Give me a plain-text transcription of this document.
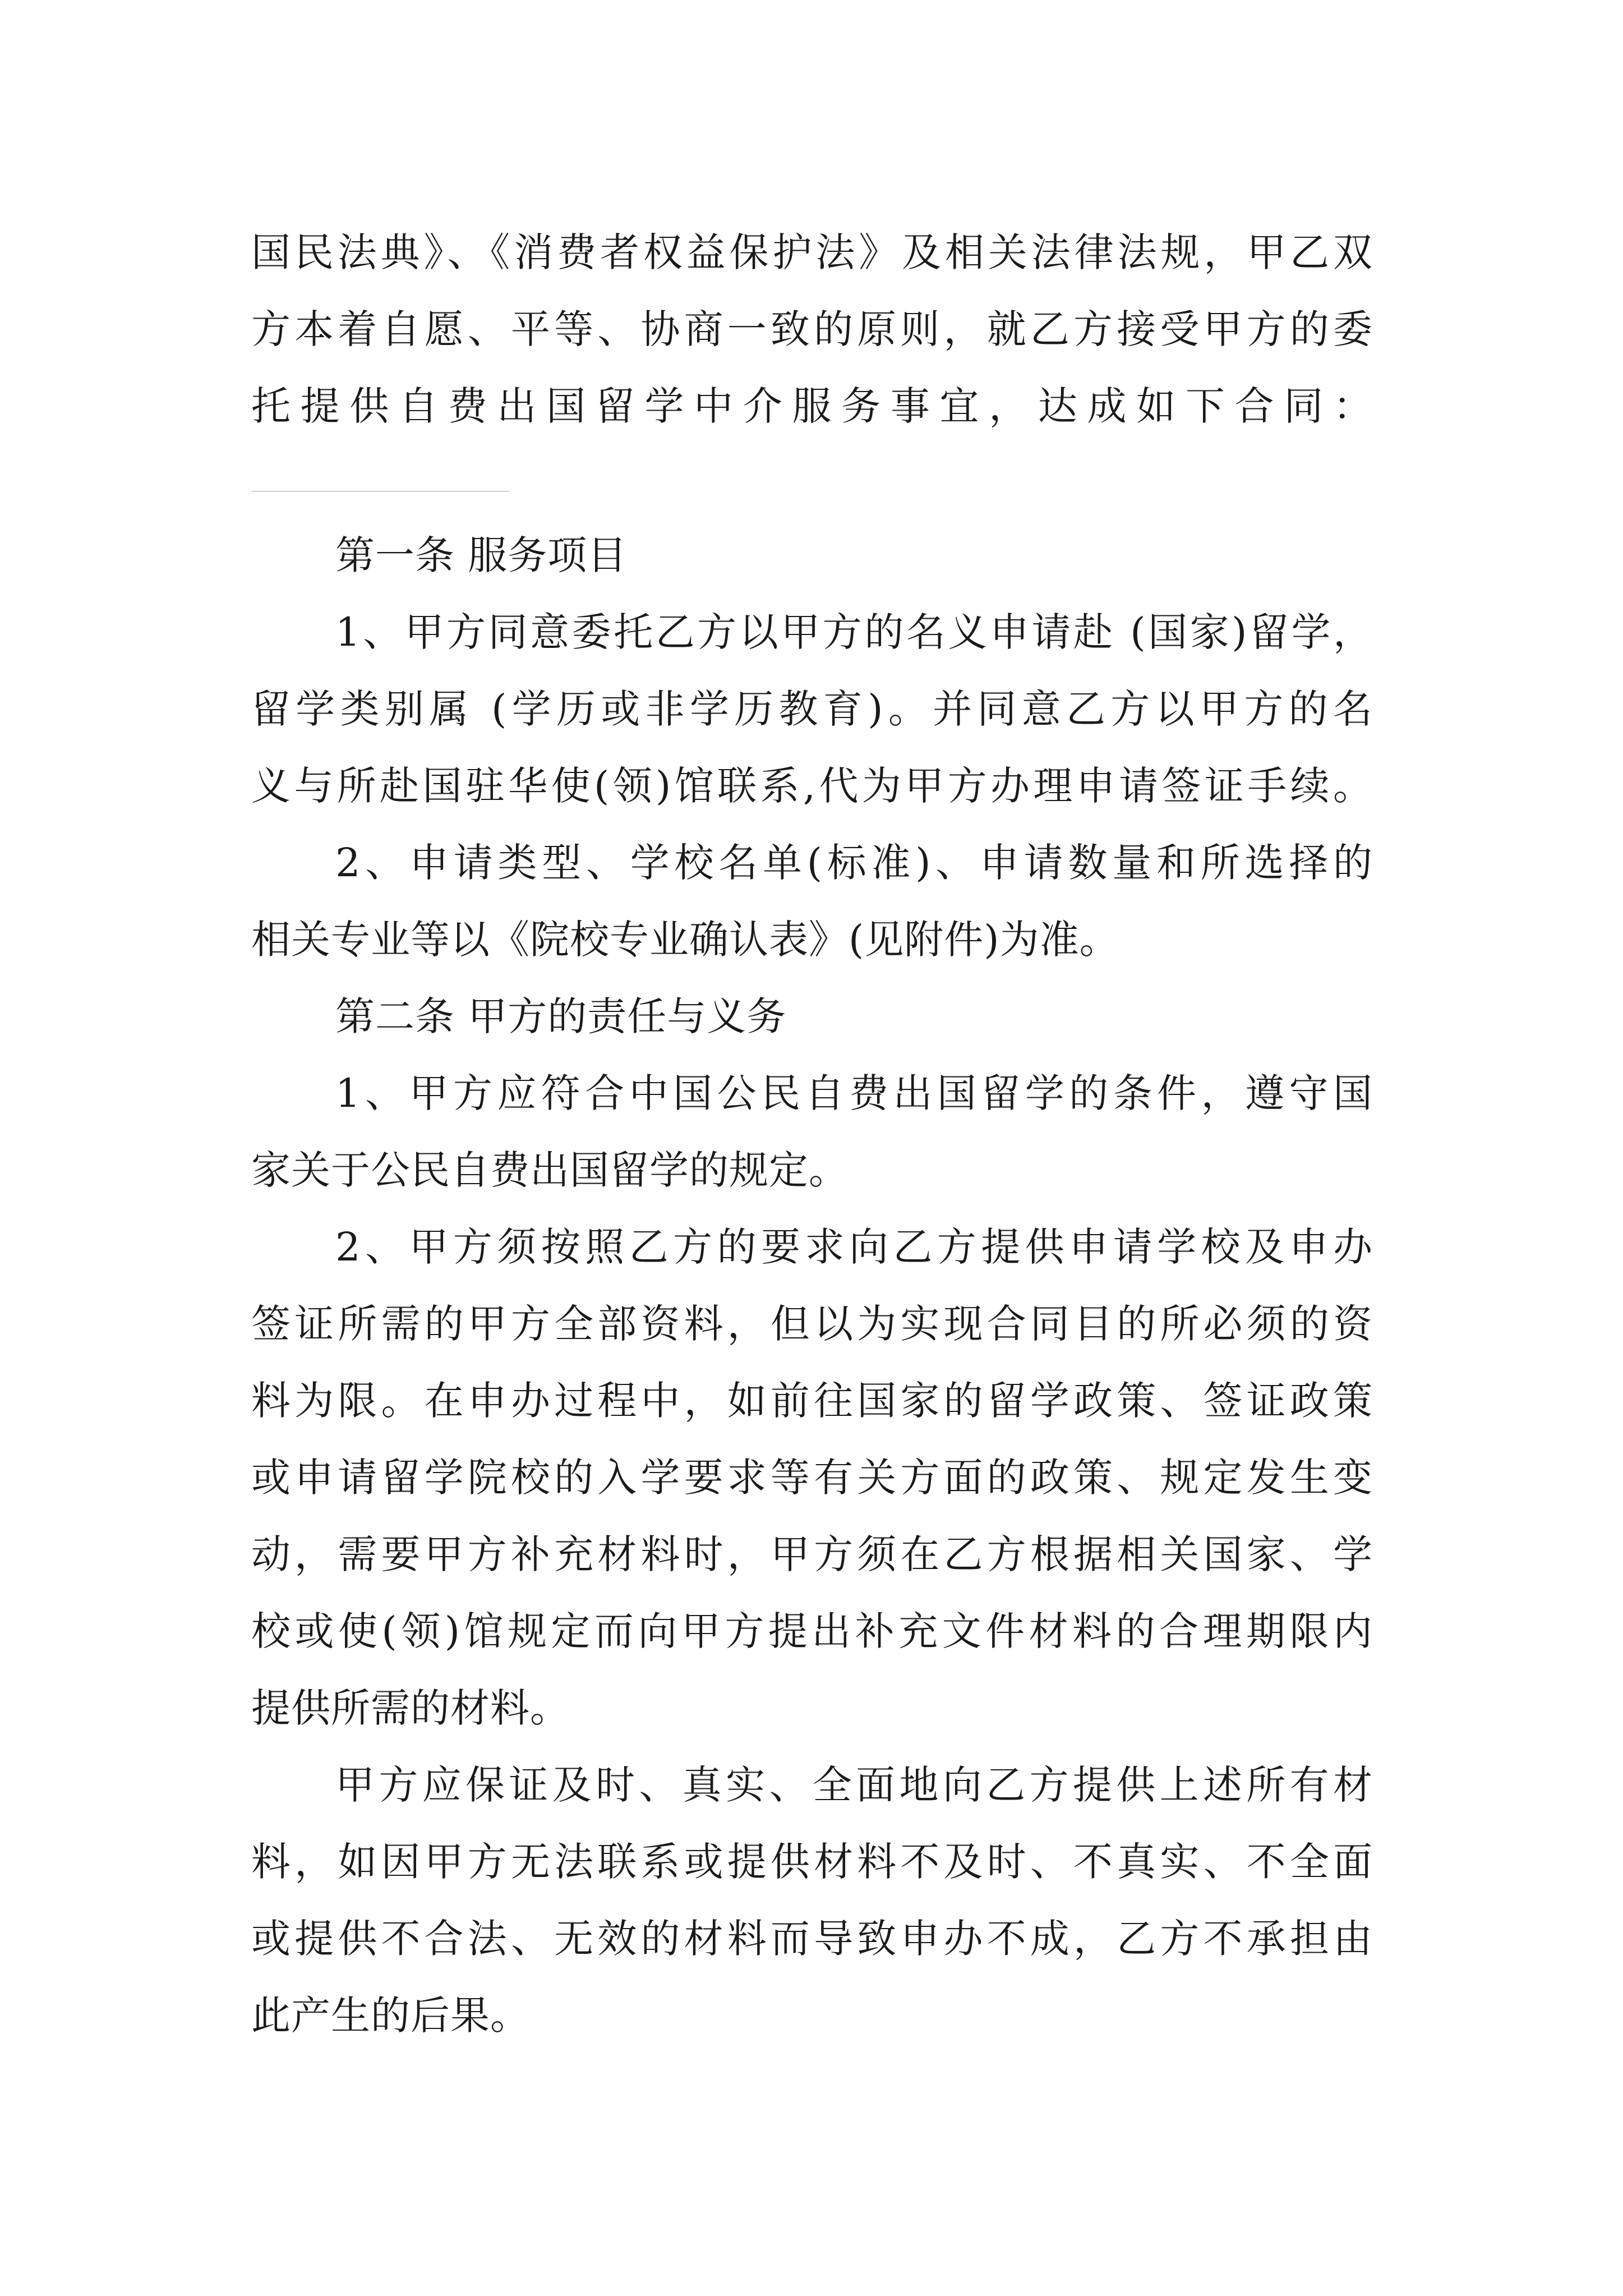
国民法典》、《消费者权益保护法》及相关法律法规，甲乙双
方本着自愿、平等、协商一致的原则，就乙方接受甲方的委
托提供自费出国留学中介服务事宜，达成如下合同：
第一条 服务项目
1、甲方同意委托乙方以甲方的名义申请赴 (国家)留学，
留学类别属 (学历或非学历教育)。并同意乙方以甲方的名
义与所赴国驻华使(领)馆联系,代为甲方办理申请签证手续。
2、申请类型、学校名单(标准)、申请数量和所选择的
相关专业等以《院校专业确认表》(见附件)为准。
第二条 甲方的责任与义务
1、甲方应符合中国公民自费出国留学的条件，遵守国
家关于公民自费出国留学的规定。
2、甲方须按照乙方的要求向乙方提供申请学校及申办
签证所需的甲方全部资料，但以为实现合同目的所必须的资
料为限。在申办过程中，如前往国家的留学政策、签证政策
或申请留学院校的入学要求等有关方面的政策、规定发生变
动，需要甲方补充材料时，甲方须在乙方根据相关国家、学
校或使(领)馆规定而向甲方提出补充文件材料的合理期限内
提供所需的材料。
甲方应保证及时、真实、全面地向乙方提供上述所有材
料，如因甲方无法联系或提供材料不及时、不真实、不全面
或提供不合法、无效的材料而导致申办不成，乙方不承担由
此产生的后果。
